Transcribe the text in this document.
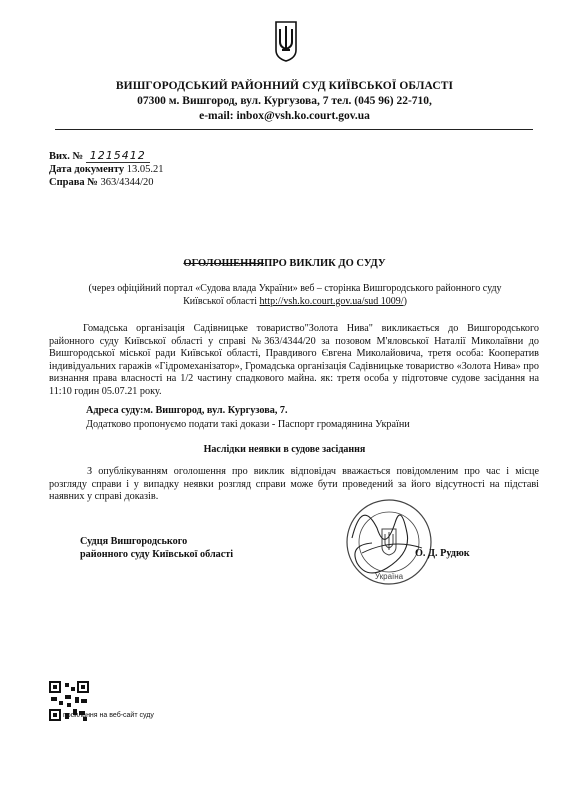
ВИШГОРОДСЬКИЙ РАЙОННИЙ СУД КИЇВСЬКОЇ ОБЛАСТІ
07300 м. Вишгород, вул. Кургузова, 7 тел. (045 96) 22-710,
e-mail: inbox@vsh.ko.court.gov.ua
Вих. № 1215412
Дата документу 13.05.21
Справа № 363/4344/20
ОГОЛОШЕННЯПРО ВИКЛИК ДО СУДУ
(через офіційний портал «Судова влада України» веб – сторінка Вишгородського районного суду
Київської області http://vsh.ko.court.gov.ua/sud 1009/)
Гомадська організація Садівницьке товариство"Золота Нива" викликається до Вишгородського районного суду Київської області у справі №363/4344/20 за позовом М'яловської Наталії Миколаївни до Вишгородської міської ради Київської області, Правдивого Євгена Миколайовича, третя особа: Кооператив індивідуальних гаражів «Гідромеханізатор», Громадська організація Садівницьке товариство «Золота Нива» про визнання права власності на 1/2 частину спадкового майна. як: третя особа у підготовче судове засідання на 11:10 годин 05.07.21 року.
Адреса суду:м. Вишгород, вул. Кургузова, 7.
Додатково пропонуємо подати такі докази - Паспорт громадянина України
Наслідки неявки в судове засідання
З опублікуванням оголошення про виклик відповідач вважається повідомленим про час і місце розгляду справи і у випадку неявки розгляд справи може бути проведений за його відсутності на підставі наявних у справі доказів.
Україна
Судця Вишгородського
районного суду Київської області	О. Д. Рудюк
посилання на веб-сайт суду
